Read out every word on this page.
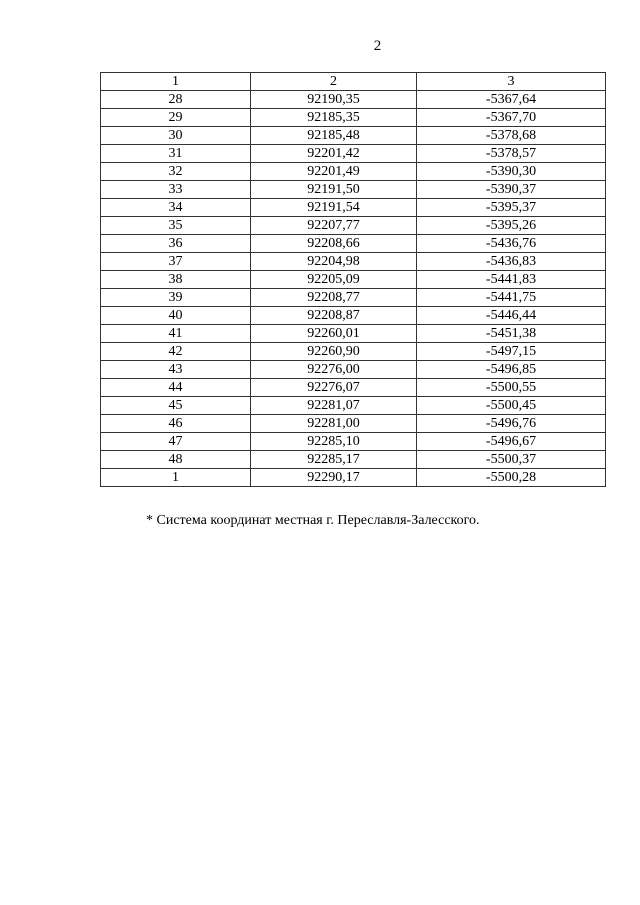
2
1	2	3
28	92190,35	-5367,64
29	92185,35	-5367,70
30	92185,48	-5378,68
31	92201,42	-5378,57
32	92201,49	-5390,30
33	92191,50	-5390,37
34	92191,54	-5395,37
35	92207,77	-5395,26
36	92208,66	-5436,76
37	92204,98	-5436,83
38	92205,09	-5441,83
39	92208,77	-5441,75
40	92208,87	-5446,44
41	92260,01	-5451,38
42	92260,90	-5497,15
43	92276,00	-5496,85
44	92276,07	-5500,55
45	92281,07	-5500,45
46	92281,00	-5496,76
47	92285,10	-5496,67
48	92285,17	-5500,37
1	92290,17	-5500,28
* Система координат местная г. Переславля-Залесского.
